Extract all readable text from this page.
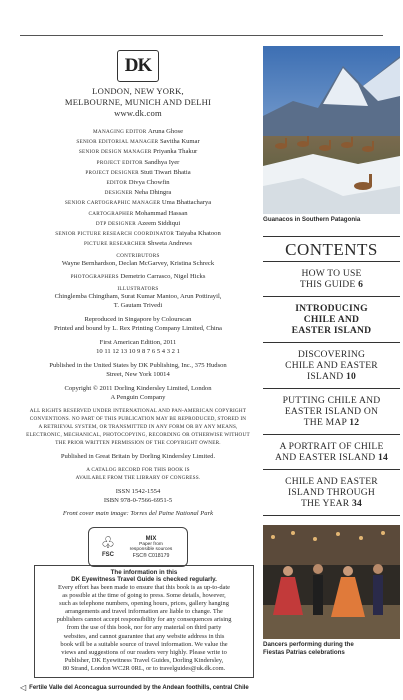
DK
LONDON, NEW YORK,
MELBOURNE, MUNICH AND DELHI
www.dk.com
MANAGING EDITOR Aruna Ghose
SENIOR EDITORIAL MANAGER Savitha Kumar
SENIOR DESIGN MANAGER Priyanka Thakur
PROJECT EDITOR Sandhya Iyer
PROJECT DESIGNER Stuti Tiwari Bhatia
EDITOR Divya Chowfin
DESIGNER Neha Dhingra
SENIOR CARTOGRAPHIC MANAGER Uma Bhattacharya
CARTOGRAPHER Mohammad Hassan
DTP DESIGNER Azeem Siddiqui
SENIOR PICTURE RESEARCH COORDINATOR Taiyaba Khatoon
PICTURE RESEARCHER Shweta Andrews
CONTRIBUTORS
Wayne Bernhardson, Declan McGarvey, Kristina Schreck
PHOTOGRAPHERS Demetrio Carrasco, Nigel Hicks
ILLUSTRATORS
Chinglemba Chingtham, Surat Kumar Mantoo, Arun Pottirayil,
T. Gautam Trivedi
Reproduced in Singapore by Colourscan
Printed and bound by L. Rex Printing Company Limited, China
First American Edition, 2011
10 11 12 13 10 9 8 7 6 5 4 3 2 1
Published in the United States by DK Publishing, Inc., 375 Hudson
Street, New York 10014
Copyright © 2011 Dorling Kindersley Limited, London
A Penguin Company
ALL RIGHTS RESERVED UNDER INTERNATIONAL AND PAN-AMERICAN COPYRIGHT
CONVENTIONS. NO PART OF THIS PUBLICATION MAY BE REPRODUCED, STORED IN
A RETRIEVAL SYSTEM, OR TRANSMITTED IN ANY FORM OR BY ANY MEANS,
ELECTRONIC, MECHANICAL, PHOTOCOPYING, RECORDING OR OTHERWISE WITHOUT
THE PRIOR WRITTEN PERMISSION OF THE COPYRIGHT OWNER.
Published in Great Britain by Dorling Kindersley Limited.
A CATALOG RECORD FOR THIS BOOK IS
AVAILABLE FROM THE LIBRARY OF CONGRESS.
ISSN 1542-1554
ISBN 978-0-7566-6951-5
Front cover main image: Torres del Paine National Park
♧
FSC
MIX
Paper from
responsible sources
FSC® C018179
The information in this
DK Eyewitness Travel Guide is checked regularly.
Every effort has been made to ensure that this book is as up-to-date
as possible at the time of going to press. Some details, however,
such as telephone numbers, opening hours, prices, gallery hanging
arrangements and travel information are liable to change. The
publishers cannot accept responsibility for any consequences arising
from the use of this book, nor for any material on third party
websites, and cannot guarantee that any website address in this
book will be a suitable source of travel information. We value the
views and suggestions of our readers very highly. Please write to
Publisher, DK Eyewitness Travel Guides, Dorling Kindersley,
80 Strand, London WC2R 0RL, or to travelguides@uk.dk.com.
◁ Fertile Valle del Aconcagua surrounded by the Andean foothills, central Chile
Guanacos in Southern Patagonia
CONTENTS
HOW TO USE
THIS GUIDE 6
INTRODUCING
CHILE AND
EASTER ISLAND
DISCOVERING
CHILE AND EASTER
ISLAND 10
PUTTING CHILE AND
EASTER ISLAND ON
THE MAP 12
A PORTRAIT OF CHILE
AND EASTER ISLAND 14
CHILE AND EASTER
ISLAND THROUGH
THE YEAR 34
Dancers performing during the
Fiestas Patrias celebrations
